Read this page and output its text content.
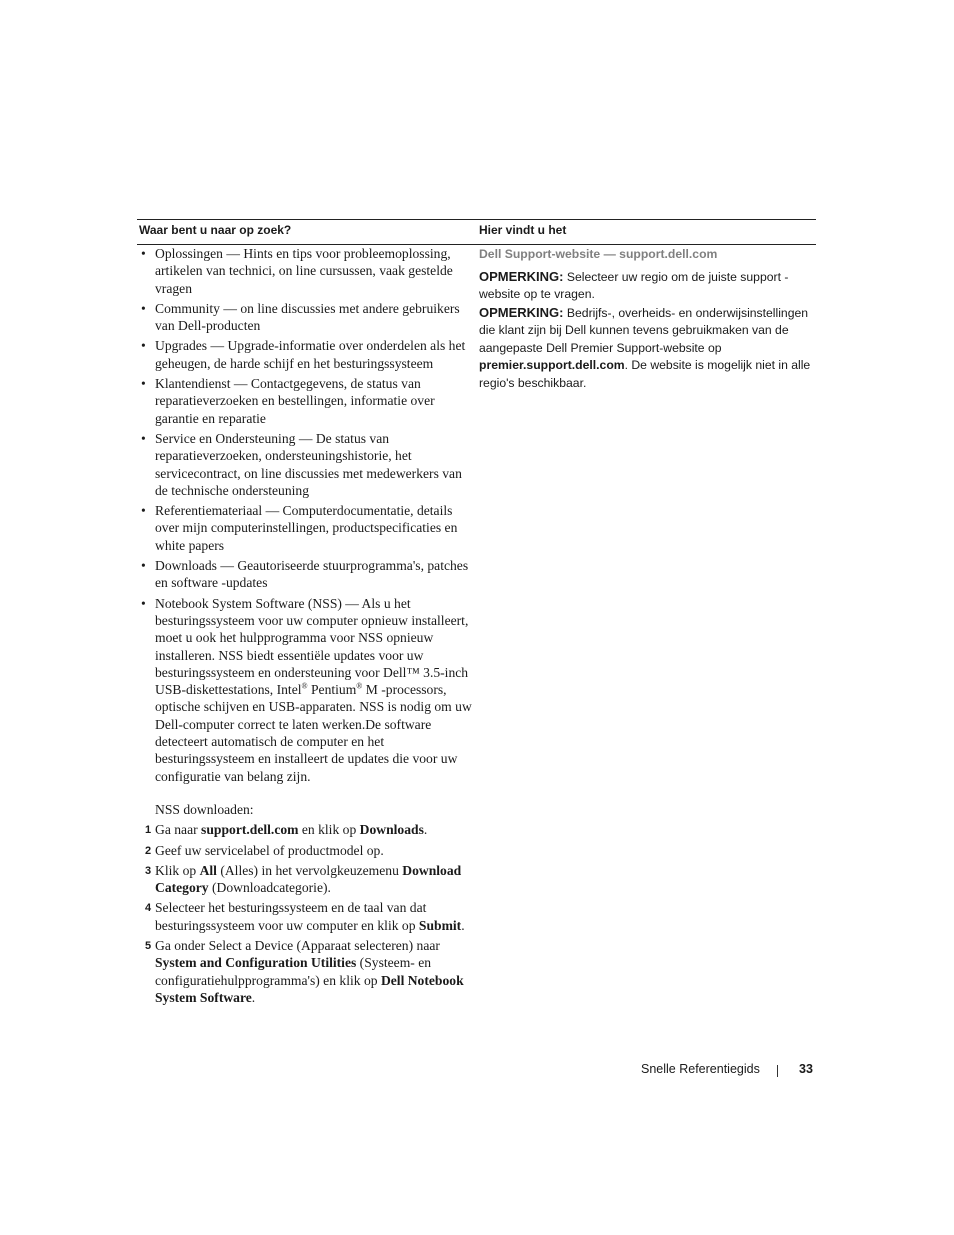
Waar bent u naar op zoek?	Hier vindt u het
• Oplossingen — Hints en tips voor probleemoplossing, artikelen van technici, on line cursussen, vaak gestelde vragen
• Community — on line discussies met andere gebruikers van Dell-producten
• Upgrades — Upgrade-informatie over onderdelen als het geheugen, de harde schijf en het besturingssysteem
• Klantendienst — Contactgegevens, de status van reparatieverzoeken en bestellingen, informatie over garantie en reparatie
• Service en Ondersteuning — De status van reparatieverzoeken, ondersteuningshistorie, het servicecontract, on line discussies met medewerkers van de technische ondersteuning
• Referentiemateriaal — Computerdocumentatie, details over mijn computerinstellingen, productspecificaties en white papers
• Downloads — Geautoriseerde stuurprogramma's, patches en software -updates
• Notebook System Software (NSS) — Als u het besturingssysteem voor uw computer opnieuw installeert, moet u ook het hulpprogramma voor NSS opnieuw installeren. NSS biedt essentiële updates voor uw besturingssysteem en ondersteuning voor Dell™ 3.5-inch USB-diskettestations, Intel® Pentium® M -processors, optische schijven en USB-apparaten. NSS is nodig om uw Dell-computer correct te laten werken.De software detecteert automatisch de computer en het besturingssysteem en installeert de updates die voor uw configuratie van belang zijn.
NSS downloaden:
1 Ga naar support.dell.com en klik op Downloads.
2 Geef uw servicelabel of productmodel op.
3 Klik op All (Alles) in het vervolgkeuzemenu Download Category (Downloadcategorie).
4 Selecteer het besturingssysteem en de taal van dat besturingssysteem voor uw computer en klik op Submit.
5 Ga onder Select a Device (Apparaat selecteren) naar System and Configuration Utilities (Systeem- en configuratiehulpprogramma's) en klik op Dell Notebook System Software.
Dell Support-website — support.dell.com
OPMERKING: Selecteer uw regio om de juiste support -website op te vragen.
OPMERKING: Bedrijfs-, overheids- en onderwijsinstellingen die klant zijn bij Dell kunnen tevens gebruikmaken van de aangepaste Dell Premier Support-website op premier.support.dell.com. De website is mogelijk niet in alle regio's beschikbaar.
Snelle Referentiegids	33
